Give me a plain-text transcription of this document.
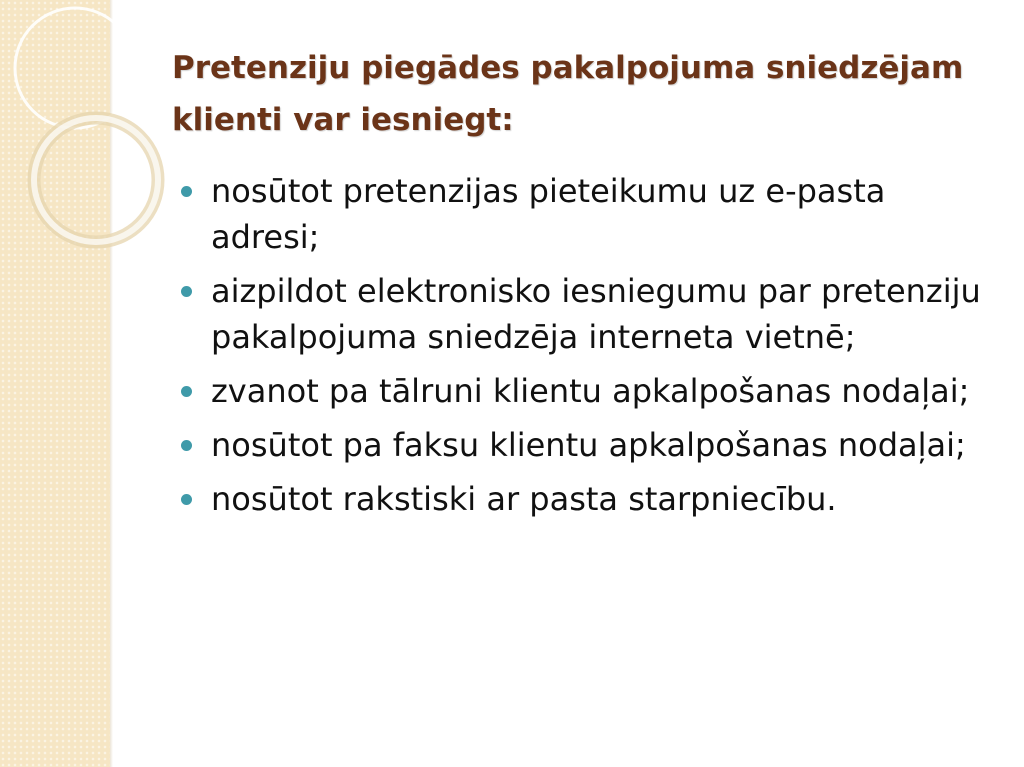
Pretenziju piegādes pakalpojuma sniedzējam klienti var iesniegt:
nosūtot pretenzijas pieteikumu uz e-pasta adresi;
aizpildot elektronisko iesniegumu par pretenziju pakalpojuma sniedzēja interneta vietnē;
zvanot pa tālruni klientu apkalpošanas nodaļai;
nosūtot pa faksu klientu apkalpošanas nodaļai;
nosūtot rakstiski ar pasta starpniecību.
